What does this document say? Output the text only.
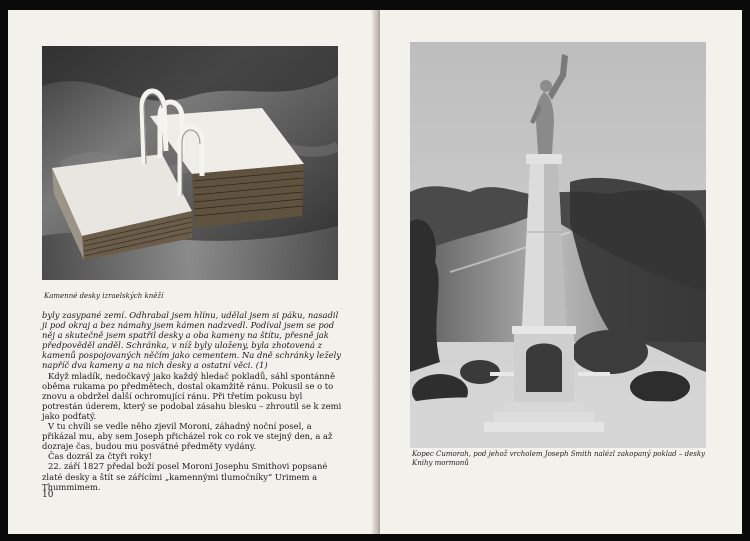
Kamenné desky izraelských kněží

byly zasypané zemí. Odhrabal jsem hlínu, udělal jsem si páku, nasadil ji pod okraj a bez námahy jsem kámen nadzvedl. Podíval jsem se pod něj a skutečně jsem spatřil desky a oba kameny na štítu, přesně jak předpověděl anděl. Schránka, v níž byly uloženy, byla zhotovená z kamenů pospojovaných něčím jako cementem. Na dně schránky ležely napříč dva kameny a na nich desky a ostatní věci. (1)

Když mladík, nedočkavý jako každý hledač pokladů, sáhl spontánně oběma rukama po předmětech, dostal okamžitě ránu. Pokusil se o to znovu a obdržel další ochromující ránu. Při třetím pokusu byl potrestán úderem, který se podobal zásahu blesku – zhroutil se k zemi jako podťatý.

V tu chvíli se vedle něho zjevil Moroni, záhadný noční posel, a přikázal mu, aby sem Joseph přicházel rok co rok ve stejný den, a až dozraje čas, budou mu posvátné předměty vydány.

Čas dozrál za čtyři roky!

22. září 1827 předal boží posel Moroni Josephu Smithovi popsané zlaté desky a štít se zářícími „kamennými tlumočníky“ Urimem a Thummimem.

10
Kopec Cumorah, pod jehož vrcholem Joseph Smith nalézl zakopaný poklad – desky Knihy mormonů
